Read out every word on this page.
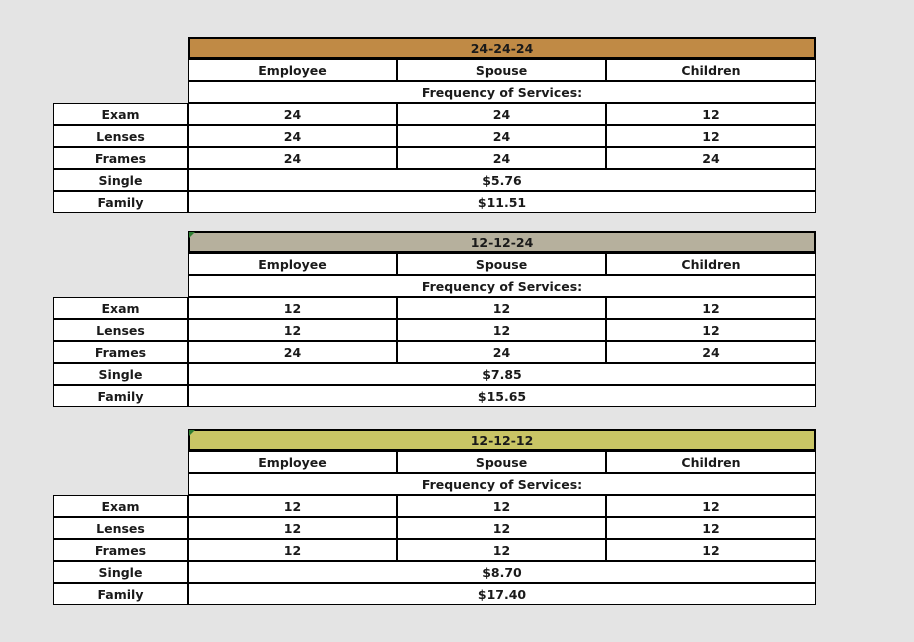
24-24-24
Employee	Spouse	Children
Frequency of Services:
Exam	24	24	12
Lenses	24	24	12
Frames	24	24	24
Single	$5.76
Family	$11.51
12-12-24
Employee	Spouse	Children
Frequency of Services:
Exam	12	12	12
Lenses	12	12	12
Frames	24	24	24
Single	$7.85
Family	$15.65
12-12-12
Employee	Spouse	Children
Frequency of Services:
Exam	12	12	12
Lenses	12	12	12
Frames	12	12	12
Single	$8.70
Family	$17.40
